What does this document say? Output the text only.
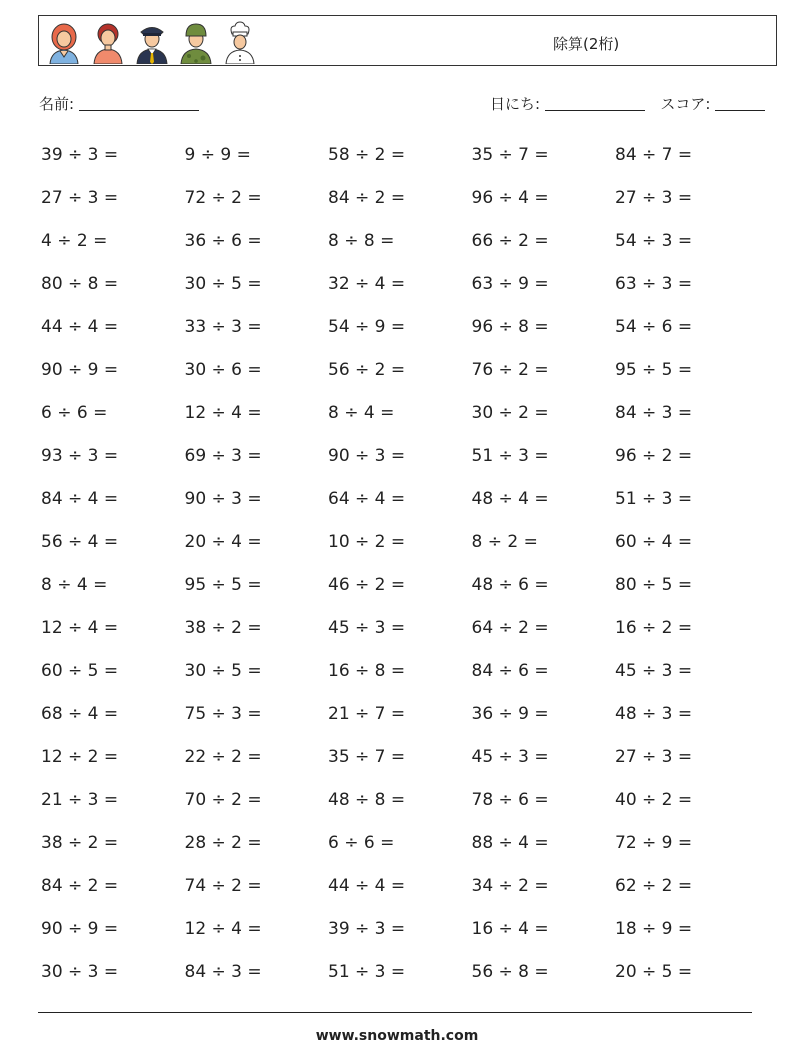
除算(2桁)
名前:	日にち:	スコア:
39 ÷ 3 =	9 ÷ 9 =	58 ÷ 2 =	35 ÷ 7 =	84 ÷ 7 =
27 ÷ 3 =	72 ÷ 2 =	84 ÷ 2 =	96 ÷ 4 =	27 ÷ 3 =
4 ÷ 2 =	36 ÷ 6 =	8 ÷ 8 =	66 ÷ 2 =	54 ÷ 3 =
80 ÷ 8 =	30 ÷ 5 =	32 ÷ 4 =	63 ÷ 9 =	63 ÷ 3 =
44 ÷ 4 =	33 ÷ 3 =	54 ÷ 9 =	96 ÷ 8 =	54 ÷ 6 =
90 ÷ 9 =	30 ÷ 6 =	56 ÷ 2 =	76 ÷ 2 =	95 ÷ 5 =
6 ÷ 6 =	12 ÷ 4 =	8 ÷ 4 =	30 ÷ 2 =	84 ÷ 3 =
93 ÷ 3 =	69 ÷ 3 =	90 ÷ 3 =	51 ÷ 3 =	96 ÷ 2 =
84 ÷ 4 =	90 ÷ 3 =	64 ÷ 4 =	48 ÷ 4 =	51 ÷ 3 =
56 ÷ 4 =	20 ÷ 4 =	10 ÷ 2 =	8 ÷ 2 =	60 ÷ 4 =
8 ÷ 4 =	95 ÷ 5 =	46 ÷ 2 =	48 ÷ 6 =	80 ÷ 5 =
12 ÷ 4 =	38 ÷ 2 =	45 ÷ 3 =	64 ÷ 2 =	16 ÷ 2 =
60 ÷ 5 =	30 ÷ 5 =	16 ÷ 8 =	84 ÷ 6 =	45 ÷ 3 =
68 ÷ 4 =	75 ÷ 3 =	21 ÷ 7 =	36 ÷ 9 =	48 ÷ 3 =
12 ÷ 2 =	22 ÷ 2 =	35 ÷ 7 =	45 ÷ 3 =	27 ÷ 3 =
21 ÷ 3 =	70 ÷ 2 =	48 ÷ 8 =	78 ÷ 6 =	40 ÷ 2 =
38 ÷ 2 =	28 ÷ 2 =	6 ÷ 6 =	88 ÷ 4 =	72 ÷ 9 =
84 ÷ 2 =	74 ÷ 2 =	44 ÷ 4 =	34 ÷ 2 =	62 ÷ 2 =
90 ÷ 9 =	12 ÷ 4 =	39 ÷ 3 =	16 ÷ 4 =	18 ÷ 9 =
30 ÷ 3 =	84 ÷ 3 =	51 ÷ 3 =	56 ÷ 8 =	20 ÷ 5 =
www.snowmath.com
